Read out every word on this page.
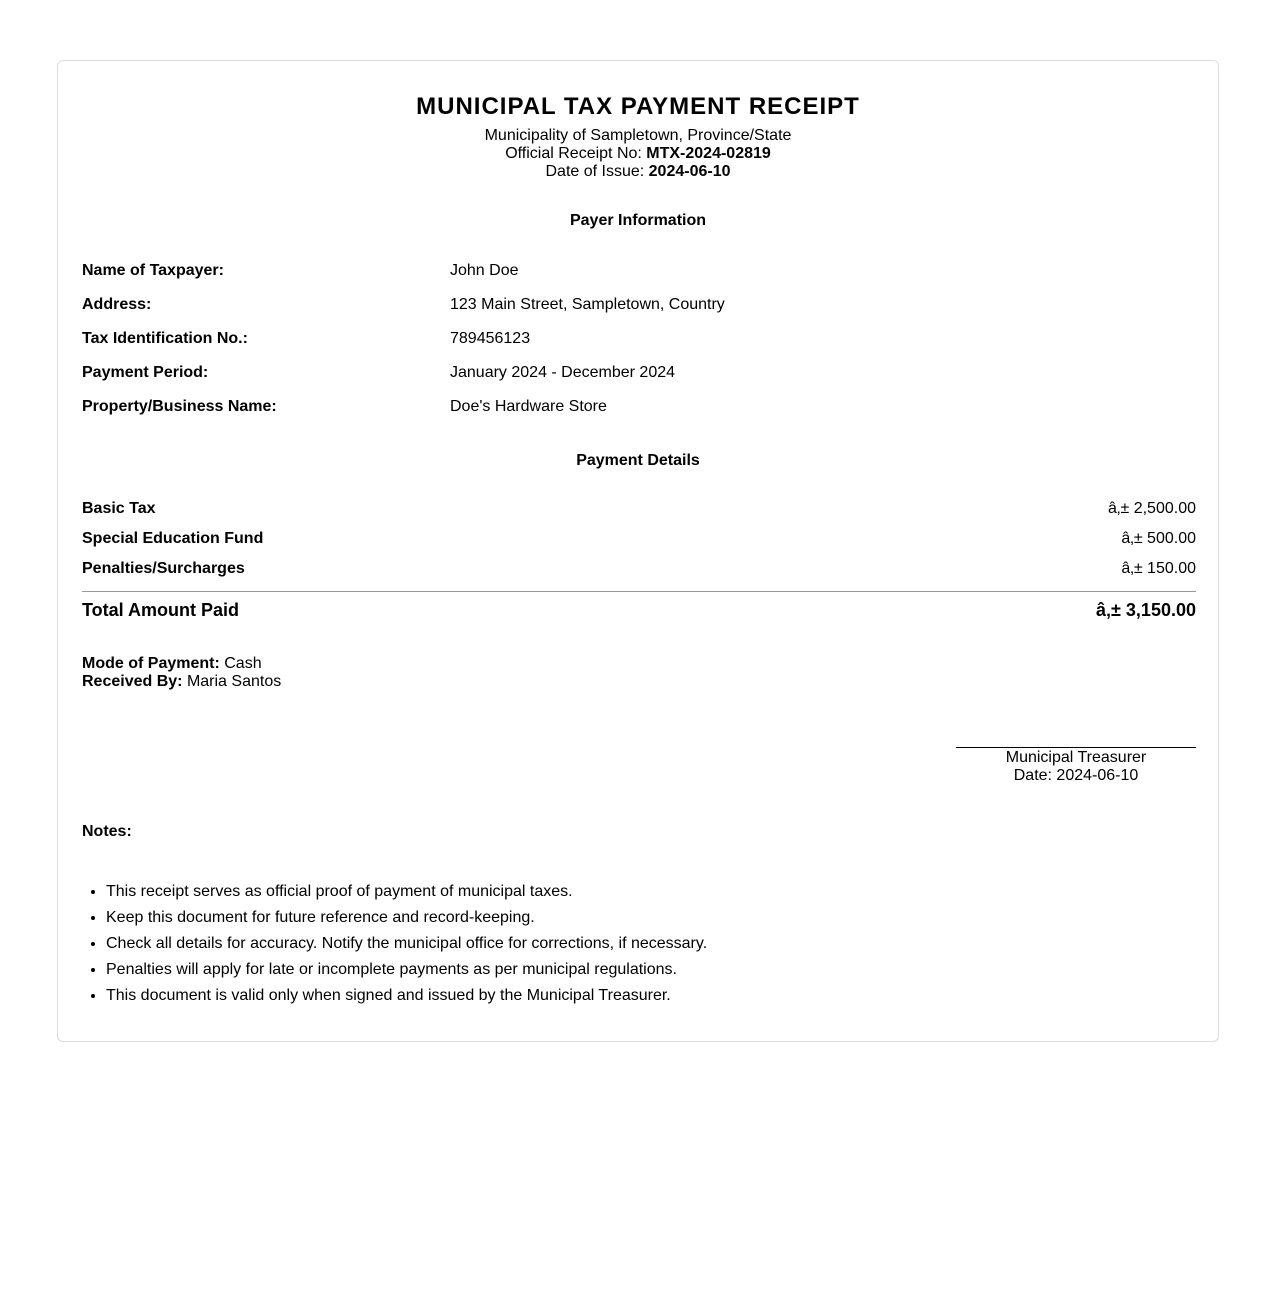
MUNICIPAL TAX PAYMENT RECEIPT
Municipality of Sampletown, Province/State
Official Receipt No: MTX-2024-02819
Date of Issue: 2024-06-10
Payer Information
Name of Taxpayer:	John Doe
Address:	123 Main Street, Sampletown, Country
Tax Identification No.:	789456123
Payment Period:	January 2024 - December 2024
Property/Business Name:	Doe's Hardware Store
Payment Details
Basic Tax	â‚± 2,500.00
Special Education Fund	â‚± 500.00
Penalties/Surcharges	â‚± 150.00
Total Amount Paid	â‚± 3,150.00
Mode of Payment: Cash
Received By: Maria Santos
Municipal Treasurer
Date: 2024-06-10
Notes:
• This receipt serves as official proof of payment of municipal taxes.
• Keep this document for future reference and record-keeping.
• Check all details for accuracy. Notify the municipal office for corrections, if necessary.
• Penalties will apply for late or incomplete payments as per municipal regulations.
• This document is valid only when signed and issued by the Municipal Treasurer.
